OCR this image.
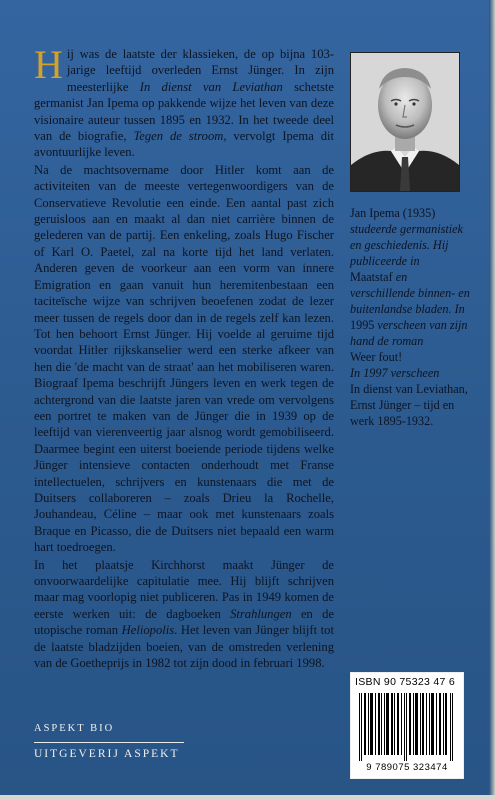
Hij was de laatste der klassieken, de op bijna 103-jarige leeftijd overleden Ernst Jünger. In zijn meesterlijke In dienst van Leviathan schetste germanist Jan Ipema op pakkende wijze het leven van deze visionaire auteur tussen 1895 en 1932. In het tweede deel van de biografie, Tegen de stroom, vervolgt Ipema dit avontuurlijke leven.

Na de machtsovername door Hitler komt aan de activiteiten van de meeste vertegenwoordigers van de Conservatieve Revolutie een einde. Een aantal past zich geruisloos aan en maakt al dan niet carrière binnen de gelederen van de partij. Een enkeling, zoals Hugo Fischer of Karl O. Paetel, zal na korte tijd het land verlaten. Anderen geven de voorkeur aan een vorm van innere Emigration en gaan vanuit hun heremitenbestaan een taciteïsche wijze van schrijven beoefenen zodat de lezer meer tussen de regels door dan in de regels zelf kan lezen. Tot hen behoort Ernst Jünger. Hij voelde al geruime tijd voordat Hitler rijkskanselier werd een sterke afkeer van hen die 'de macht van de straat' aan het mobiliseren waren. Biograaf Ipema beschrijft Jüngers leven en werk tegen de achtergrond van die laatste jaren van vrede om vervolgens een portret te maken van de Jünger die in 1939 op de leeftijd van vierenveertig jaar alsnog wordt gemobiliseerd. Daarmee begint een uiterst boeiende periode tijdens welke Jünger intensieve contacten onderhoudt met Franse intellectuelen, schrijvers en kunstenaars die met de Duitsers collaboreren – zoals Drieu la Rochelle, Jouhandeau, Céline – maar ook met kunstenaars zoals Braque en Picasso, die de Duitsers niet bepaald een warm hart toedroegen.

In het plaatsje Kirchhorst maakt Jünger de onvoorwaardelijke capitulatie mee. Hij blijft schrijven maar mag voorlopig niet publiceren. Pas in 1949 komen de eerste werken uit: de dagboeken Strahlungen en de utopische roman Heliopolis. Het leven van Jünger blijft tot de laatste bladzijden boeien, van de omstreden verlening van de Goetheprijs in 1982 tot zijn dood in februari 1998.

Jan Ipema (1935)
studeerde germanistiek en geschiedenis. Hij publiceerde in
Maatstaf en verschillende binnen- en buitenlandse bladen. In
1995 verscheen van zijn hand de roman
Weer fout!
In 1997 verscheen
In dienst van Leviathan, Ernst Jünger – tijd en werk 1895-1932.
ASPEKT BIO
UITGEVERIJ ASPEKT
ISBN 90 75323 47 6
9 789075 323474
